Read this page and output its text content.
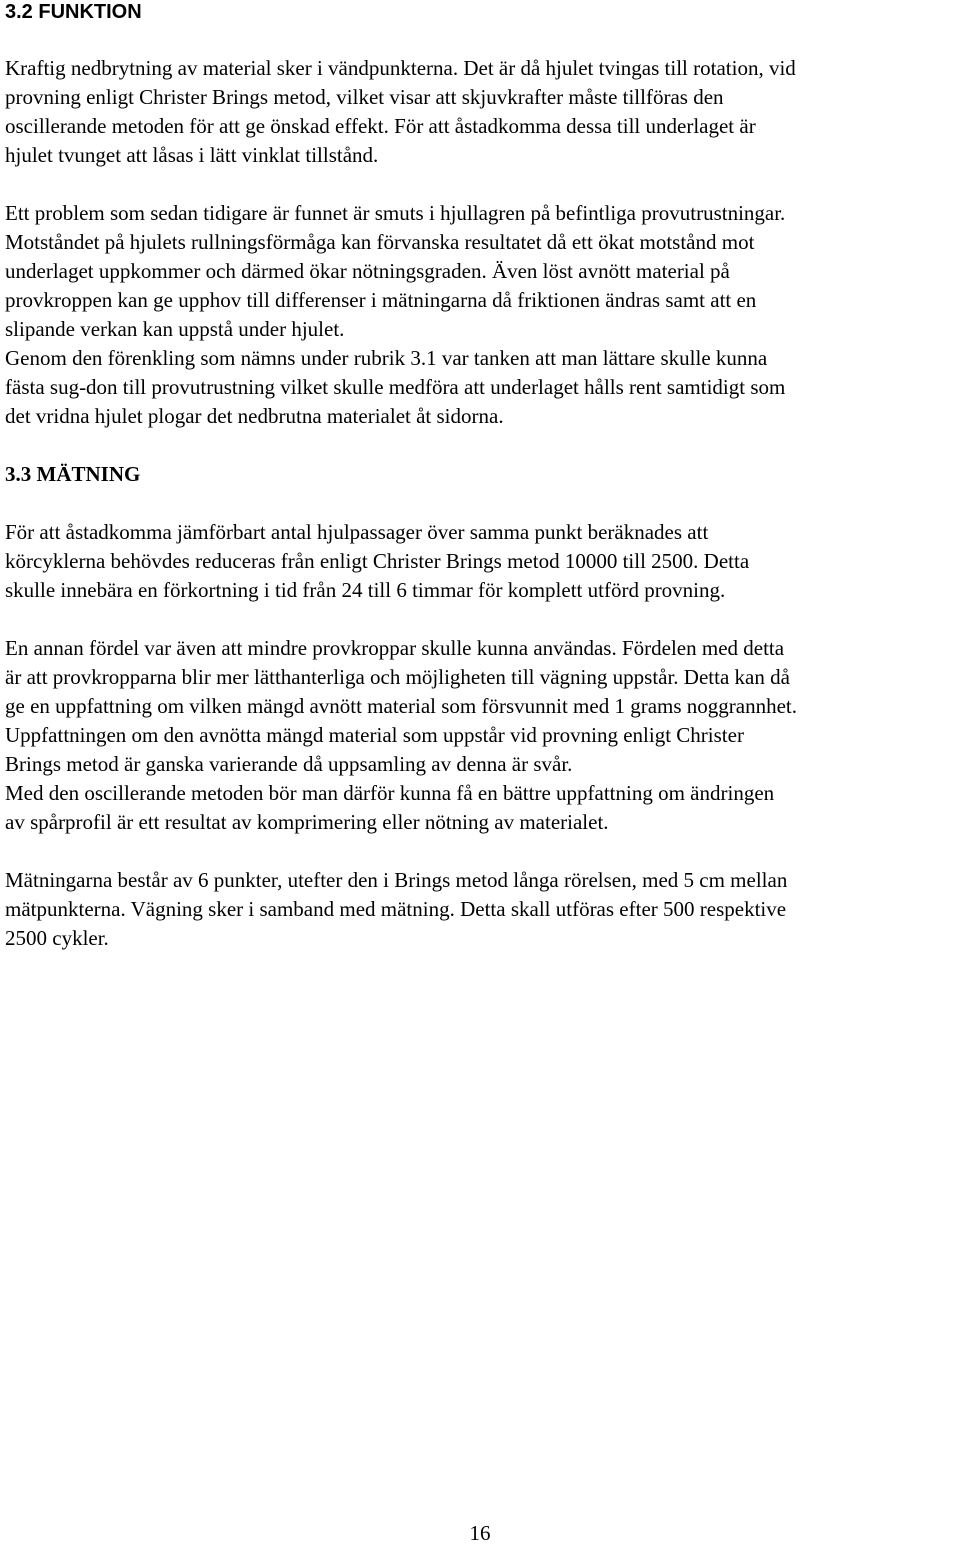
3.2 FUNKTION

Kraftig nedbrytning av material sker i vändpunkterna. Det är då hjulet tvingas till rotation, vid
provning enligt Christer Brings metod, vilket visar att skjuvkrafter måste tillföras den
oscillerande metoden för att ge önskad effekt. För att åstadkomma dessa till underlaget är
hjulet tvunget att låsas i lätt vinklat tillstånd.

Ett problem som sedan tidigare är funnet är smuts i hjullagren på befintliga provutrustningar.
Motståndet på hjulets rullningsförmåga kan förvanska resultatet då ett ökat motstånd mot
underlaget uppkommer och därmed ökar nötningsgraden. Även löst avnött material på
provkroppen kan ge upphov till differenser i mätningarna då friktionen ändras samt att en
slipande verkan kan uppstå under hjulet.
Genom den förenkling som nämns under rubrik 3.1 var tanken att man lättare skulle kunna
fästa sug-don till provutrustning vilket skulle medföra att underlaget hålls rent samtidigt som
det vridna hjulet plogar det nedbrutna materialet åt sidorna.

3.3 MÄTNING

För att åstadkomma jämförbart antal hjulpassager över samma punkt beräknades att
körcyklerna behövdes reduceras från enligt Christer Brings metod 10000 till 2500. Detta
skulle innebära en förkortning i tid från 24 till 6 timmar för komplett utförd provning.

En annan fördel var även att mindre provkroppar skulle kunna användas. Fördelen med detta
är att provkropparna blir mer lätthanterliga och möjligheten till vägning uppstår. Detta kan då
ge en uppfattning om vilken mängd avnött material som försvunnit med 1 grams noggrannhet.
Uppfattningen om den avnötta mängd material som uppstår vid provning enligt Christer
Brings metod är ganska varierande då uppsamling av denna är svår.
Med den oscillerande metoden bör man därför kunna få en bättre uppfattning om ändringen
av spårprofil är ett resultat av komprimering eller nötning av materialet.

Mätningarna består av 6 punkter, utefter den i Brings metod långa rörelsen, med 5 cm mellan
mätpunkterna. Vägning sker i samband med mätning. Detta skall utföras efter 500 respektive
2500 cykler.

16
